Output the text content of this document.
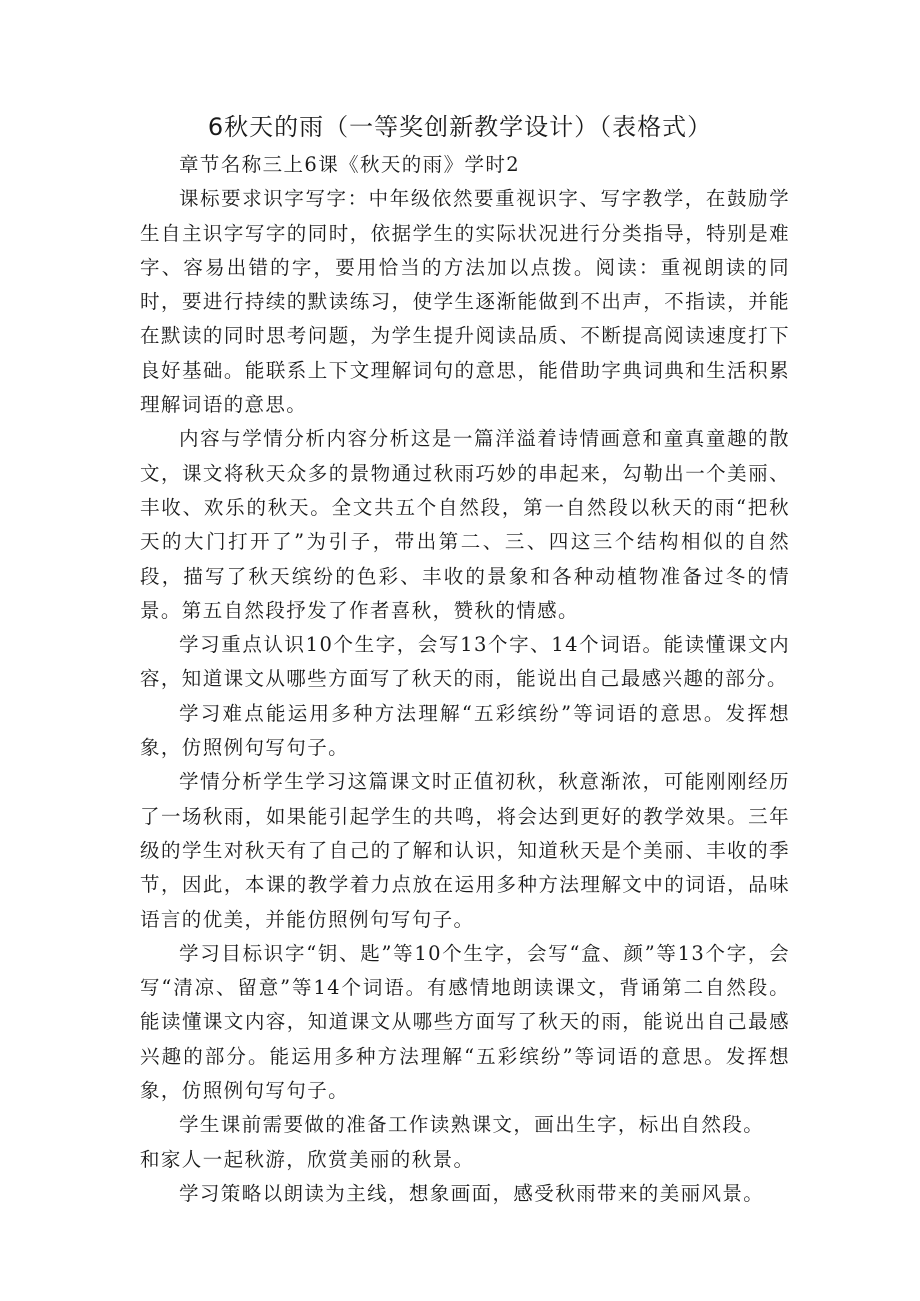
6秋天的雨（一等奖创新教学设计）（表格式）

章节名称三上6课《秋天的雨》学时2

课标要求识字写字：中年级依然要重视识字、写字教学，在鼓励学生自主识字写字的同时，依据学生的实际状况进行分类指导，特别是难字、容易出错的字，要用恰当的方法加以点拨。阅读：重视朗读的同时，要进行持续的默读练习，使学生逐渐能做到不出声，不指读，并能在默读的同时思考问题，为学生提升阅读品质、不断提高阅读速度打下良好基础。能联系上下文理解词句的意思，能借助字典词典和生活积累理解词语的意思。

内容与学情分析内容分析这是一篇洋溢着诗情画意和童真童趣的散文，课文将秋天众多的景物通过秋雨巧妙的串起来，勾勒出一个美丽、丰收、欢乐的秋天。全文共五个自然段，第一自然段以秋天的雨“把秋天的大门打开了”为引子，带出第二、三、四这三个结构相似的自然段，描写了秋天缤纷的色彩、丰收的景象和各种动植物准备过冬的情景。第五自然段抒发了作者喜秋，赞秋的情感。

学习重点认识10个生字，会写13个字、14个词语。能读懂课文内容，知道课文从哪些方面写了秋天的雨，能说出自己最感兴趣的部分。

学习难点能运用多种方法理解“五彩缤纷”等词语的意思。发挥想象，仿照例句写句子。

学情分析学生学习这篇课文时正值初秋，秋意渐浓，可能刚刚经历了一场秋雨，如果能引起学生的共鸣，将会达到更好的教学效果。三年级的学生对秋天有了自己的了解和认识，知道秋天是个美丽、丰收的季节，因此，本课的教学着力点放在运用多种方法理解文中的词语，品味语言的优美，并能仿照例句写句子。

学习目标识字“钥、匙”等10个生字，会写“盒、颜”等13个字，会写“清凉、留意”等14个词语。有感情地朗读课文，背诵第二自然段。能读懂课文内容，知道课文从哪些方面写了秋天的雨，能说出自己最感兴趣的部分。能运用多种方法理解“五彩缤纷”等词语的意思。发挥想象，仿照例句写句子。

学生课前需要做的准备工作读熟课文，画出生字，标出自然段。

和家人一起秋游，欣赏美丽的秋景。

学习策略以朗读为主线，想象画面，感受秋雨带来的美丽风景。
